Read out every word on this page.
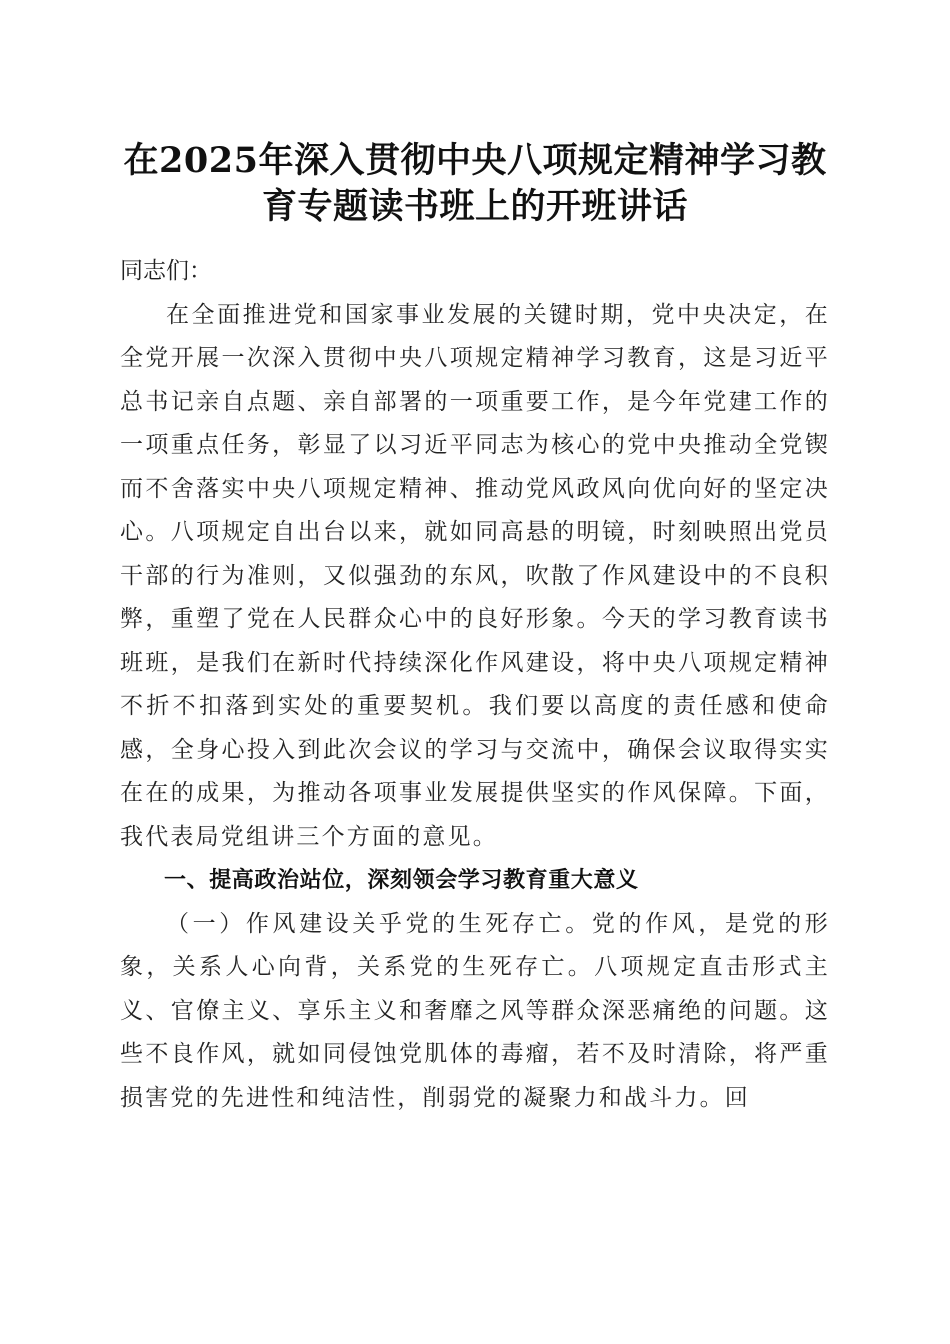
在2025年深入贯彻中央八项规定精神学习教育专题读书班上的开班讲话

同志们：

在全面推进党和国家事业发展的关键时期，党中央决定，在全党开展一次深入贯彻中央八项规定精神学习教育，这是习近平总书记亲自点题、亲自部署的一项重要工作，是今年党建工作的一项重点任务，彰显了以习近平同志为核心的党中央推动全党锲而不舍落实中央八项规定精神、推动党风政风向优向好的坚定决心。八项规定自出台以来，就如同高悬的明镜，时刻映照出党员干部的行为准则，又似强劲的东风，吹散了作风建设中的不良积弊，重塑了党在人民群众心中的良好形象。今天的学习教育读书班班，是我们在新时代持续深化作风建设，将中央八项规定精神不折不扣落到实处的重要契机。我们要以高度的责任感和使命感，全身心投入到此次会议的学习与交流中，确保会议取得实实在在的成果，为推动各项事业发展提供坚实的作风保障。下面，我代表局党组讲三个方面的意见。

一、提高政治站位，深刻领会学习教育重大意义

（一）作风建设关乎党的生死存亡。党的作风，是党的形象，关系人心向背，关系党的生死存亡。八项规定直击形式主义、官僚主义、享乐主义和奢靡之风等群众深恶痛绝的问题。这些不良作风，就如同侵蚀党肌体的毒瘤，若不及时清除，将严重损害党的先进性和纯洁性，削弱党的凝聚力和战斗力。回
